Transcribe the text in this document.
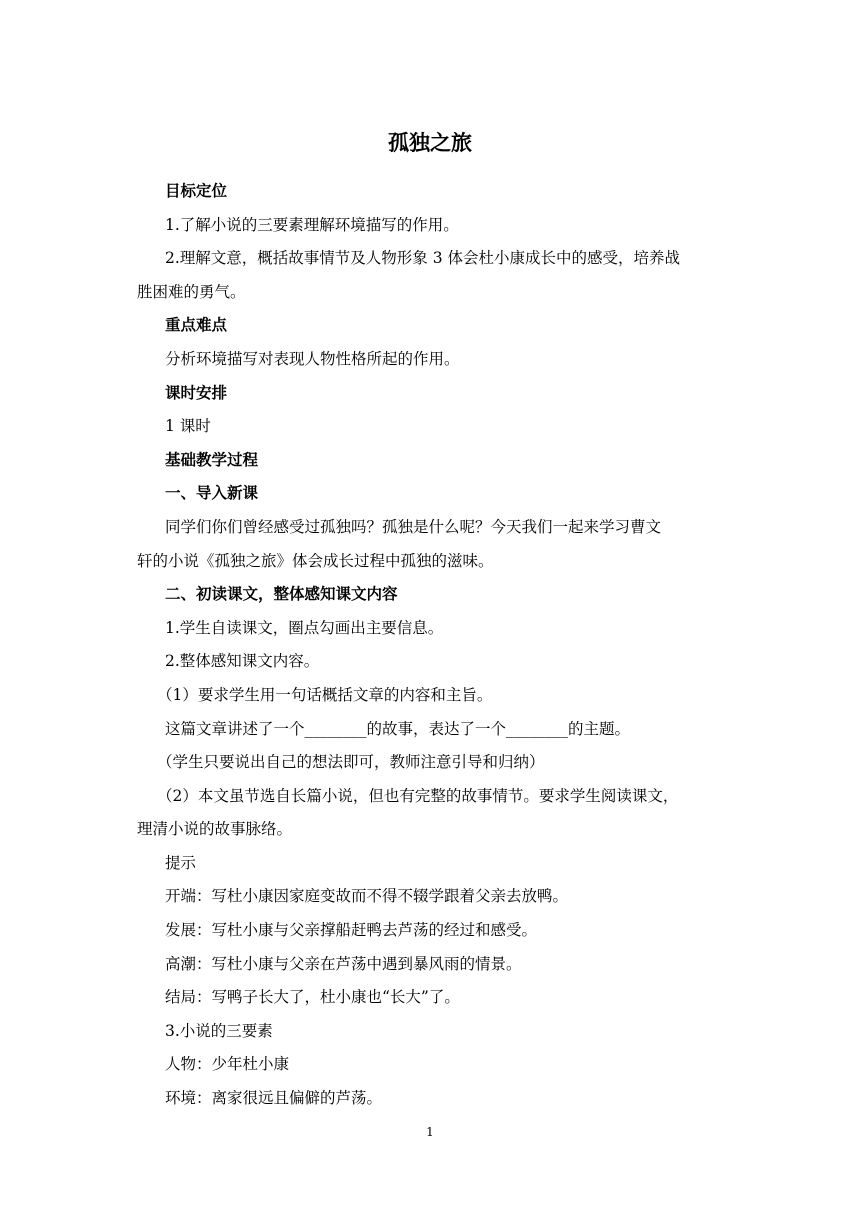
孤独之旅

目标定位

1.了解小说的三要素理解环境描写的作用。

2.理解文意，概括故事情节及人物形象 3 体会杜小康成长中的感受，培养战

胜困难的勇气。

重点难点

分析环境描写对表现人物性格所起的作用。

课时安排

1 课时

基础教学过程

一、导入新课

同学们你们曾经感受过孤独吗？孤独是什么呢？今天我们一起来学习曹文

轩的小说《孤独之旅》体会成长过程中孤独的滋味。

二、初读课文，整体感知课文内容

1.学生自读课文，圈点勾画出主要信息。

2.整体感知课文内容。

（1）要求学生用一句话概括文章的内容和主旨。

这篇文章讲述了一个________的故事，表达了一个________的主题。

（学生只要说出自己的想法即可，教师注意引导和归纳）

（2）本文虽节选自长篇小说，但也有完整的故事情节。要求学生阅读课文，

理清小说的故事脉络。

提示

开端：写杜小康因家庭变故而不得不辍学跟着父亲去放鸭。

发展：写杜小康与父亲撑船赶鸭去芦荡的经过和感受。

高潮：写杜小康与父亲在芦荡中遇到暴风雨的情景。

结局：写鸭子长大了，杜小康也“长大”了。

3.小说的三要素

人物：少年杜小康

环境：离家很远且偏僻的芦荡。

1
